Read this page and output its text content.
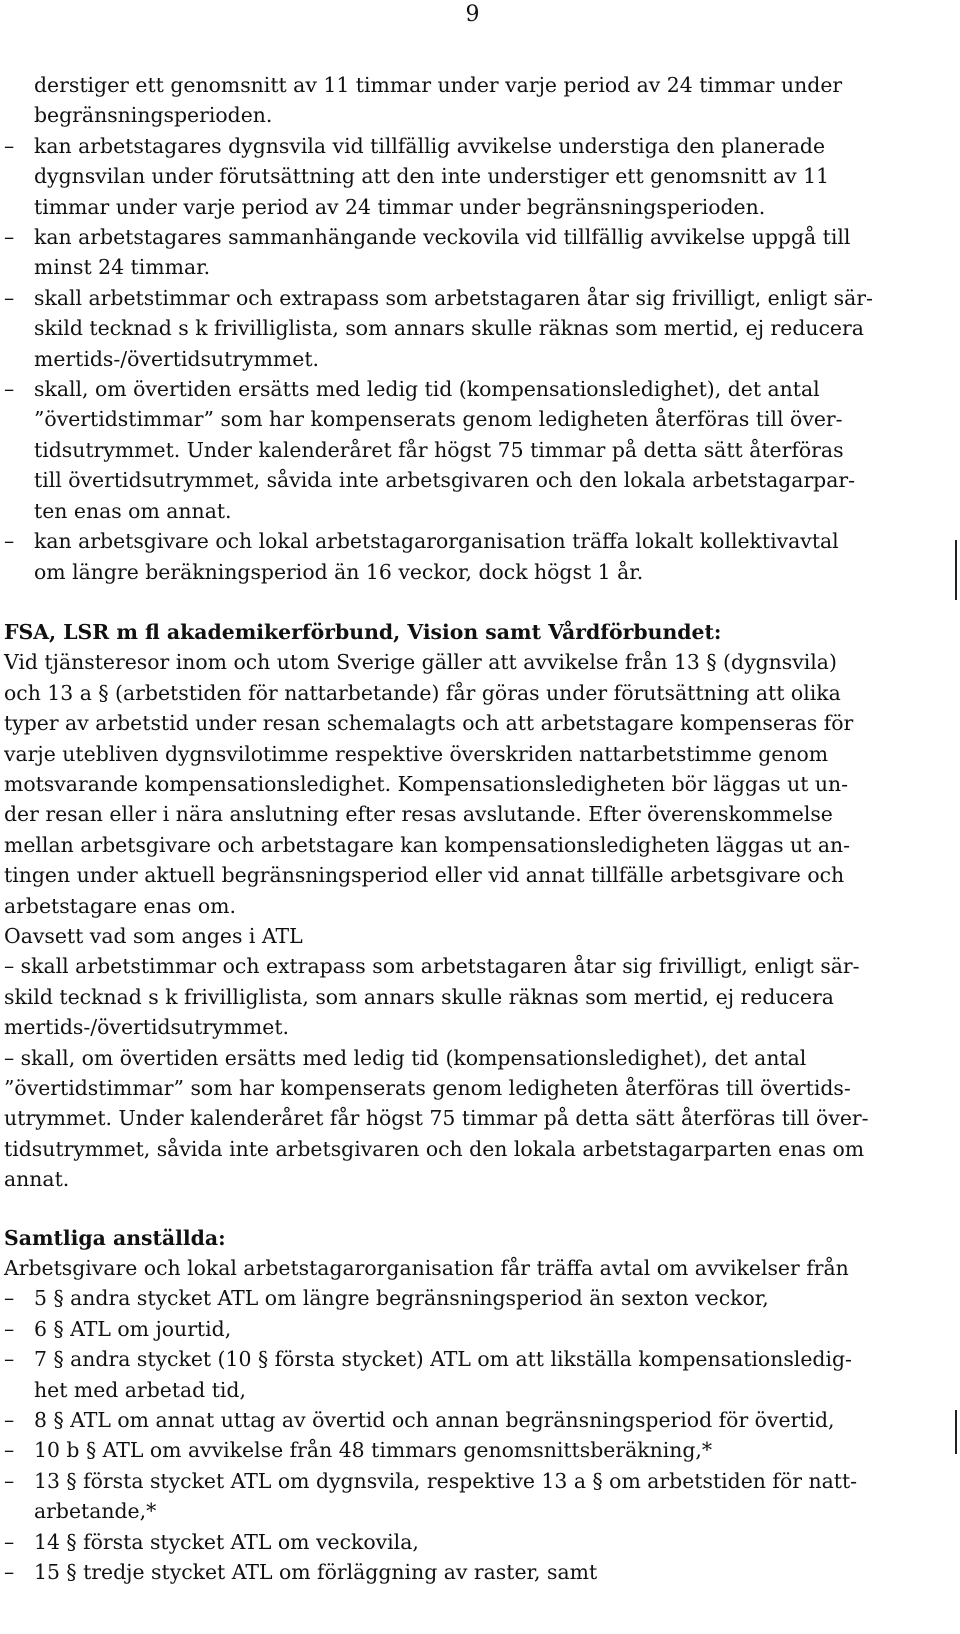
9
derstiger ett genomsnitt av 11 timmar under varje period av 24 timmar under
begränsningsperioden.
– kan arbetstagares dygnsvila vid tillfällig avvikelse understiga den planerade
dygnsvilan under förutsättning att den inte understiger ett genomsnitt av 11
timmar under varje period av 24 timmar under begränsningsperioden.
– kan arbetstagares sammanhängande veckovila vid tillfällig avvikelse uppgå till
minst 24 timmar.
– skall arbetstimmar och extrapass som arbetstagaren åtar sig frivilligt, enligt sär-
skild tecknad s k frivilliglista, som annars skulle räknas som mertid, ej reducera
mertids-/övertidsutrymmet.
– skall, om övertiden ersätts med ledig tid (kompensationsledighet), det antal
”övertidstimmar” som har kompenserats genom ledigheten återföras till över-
tidsutrymmet. Under kalenderåret får högst 75 timmar på detta sätt återföras
till övertidsutrymmet, såvida inte arbetsgivaren och den lokala arbetstagarpar-
ten enas om annat.
– kan arbetsgivare och lokal arbetstagarorganisation träffa lokalt kollektivavtal
om längre beräkningsperiod än 16 veckor, dock högst 1 år.
FSA, LSR m fl akademikerförbund, Vision samt Vårdförbundet:
Vid tjänsteresor inom och utom Sverige gäller att avvikelse från 13 § (dygnsvila)
och 13 a § (arbetstiden för nattarbetande) får göras under förutsättning att olika
typer av arbetstid under resan schemalagts och att arbetstagare kompenseras för
varje utebliven dygnsvilotimme respektive överskriden nattarbetstimme genom
motsvarande kompensationsledighet. Kompensationsledigheten bör läggas ut un-
der resan eller i nära anslutning efter resas avslutande. Efter överenskommelse
mellan arbetsgivare och arbetstagare kan kompensationsledigheten läggas ut an-
tingen under aktuell begränsningsperiod eller vid annat tillfälle arbetsgivare och
arbetstagare enas om.
Oavsett vad som anges i ATL
– skall arbetstimmar och extrapass som arbetstagaren åtar sig frivilligt, enligt sär-
skild tecknad s k frivilliglista, som annars skulle räknas som mertid, ej reducera
mertids-/övertidsutrymmet.
– skall, om övertiden ersätts med ledig tid (kompensationsledighet), det antal
”övertidstimmar” som har kompenserats genom ledigheten återföras till övertids-
utrymmet. Under kalenderåret får högst 75 timmar på detta sätt återföras till över-
tidsutrymmet, såvida inte arbetsgivaren och den lokala arbetstagarparten enas om
annat.
Samtliga anställda:
Arbetsgivare och lokal arbetstagarorganisation får träffa avtal om avvikelser från
– 5 § andra stycket ATL om längre begränsningsperiod än sexton veckor,
– 6 § ATL om jourtid,
– 7 § andra stycket (10 § första stycket) ATL om att likställa kompensationsledig-
het med arbetad tid,
– 8 § ATL om annat uttag av övertid och annan begränsningsperiod för övertid,
– 10 b § ATL om avvikelse från 48 timmars genomsnittsberäkning,*
– 13 § första stycket ATL om dygnsvila, respektive 13 a § om arbetstiden för natt-
arbetande,*
– 14 § första stycket ATL om veckovila,
– 15 § tredje stycket ATL om förläggning av raster, samt
